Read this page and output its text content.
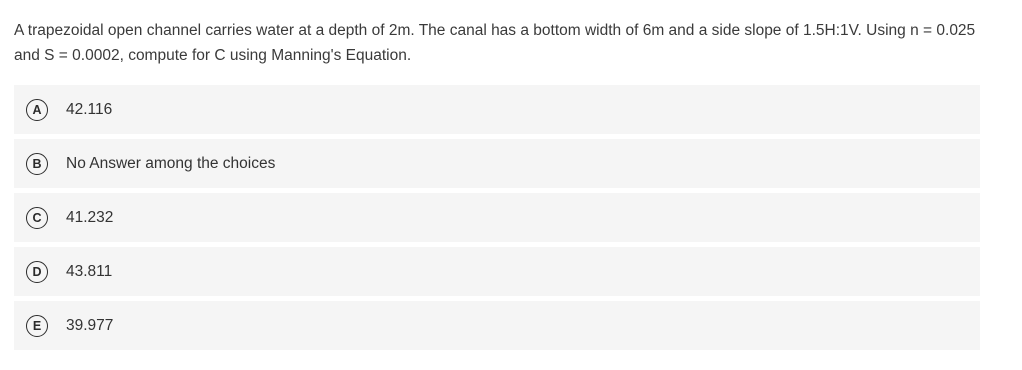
A trapezoidal open channel carries water at a depth of 2m. The canal has a bottom width of 6m and a side slope of 1.5H:1V. Using n = 0.025 and S = 0.0002, compute for C using Manning's Equation.

A	42.116
B	No Answer among the choices
C	41.232
D	43.811
E	39.977
